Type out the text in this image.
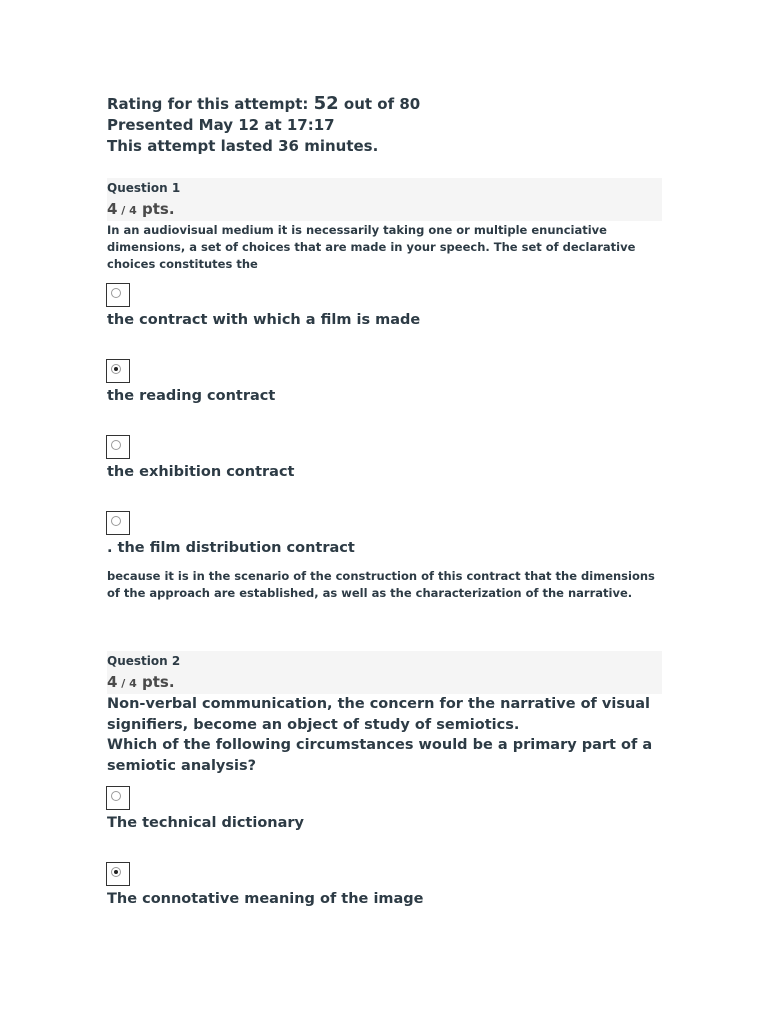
Rating for this attempt: 52 out of 80
Presented May 12 at 17:17
This attempt lasted 36 minutes.
Question 1
4 / 4 pts.
In an audiovisual medium it is necessarily taking one or multiple enunciative dimensions, a set of choices that are made in your speech. The set of declarative choices constitutes the
the contract with which a film is made
the reading contract
the exhibition contract
. the film distribution contract
because it is in the scenario of the construction of this contract that the dimensions of the approach are established, as well as the characterization of the narrative.
Question 2
4 / 4 pts.
Non-verbal communication, the concern for the narrative of visual signifiers, become an object of study of semiotics.
Which of the following circumstances would be a primary part of a semiotic analysis?
The technical dictionary
The connotative meaning of the image
